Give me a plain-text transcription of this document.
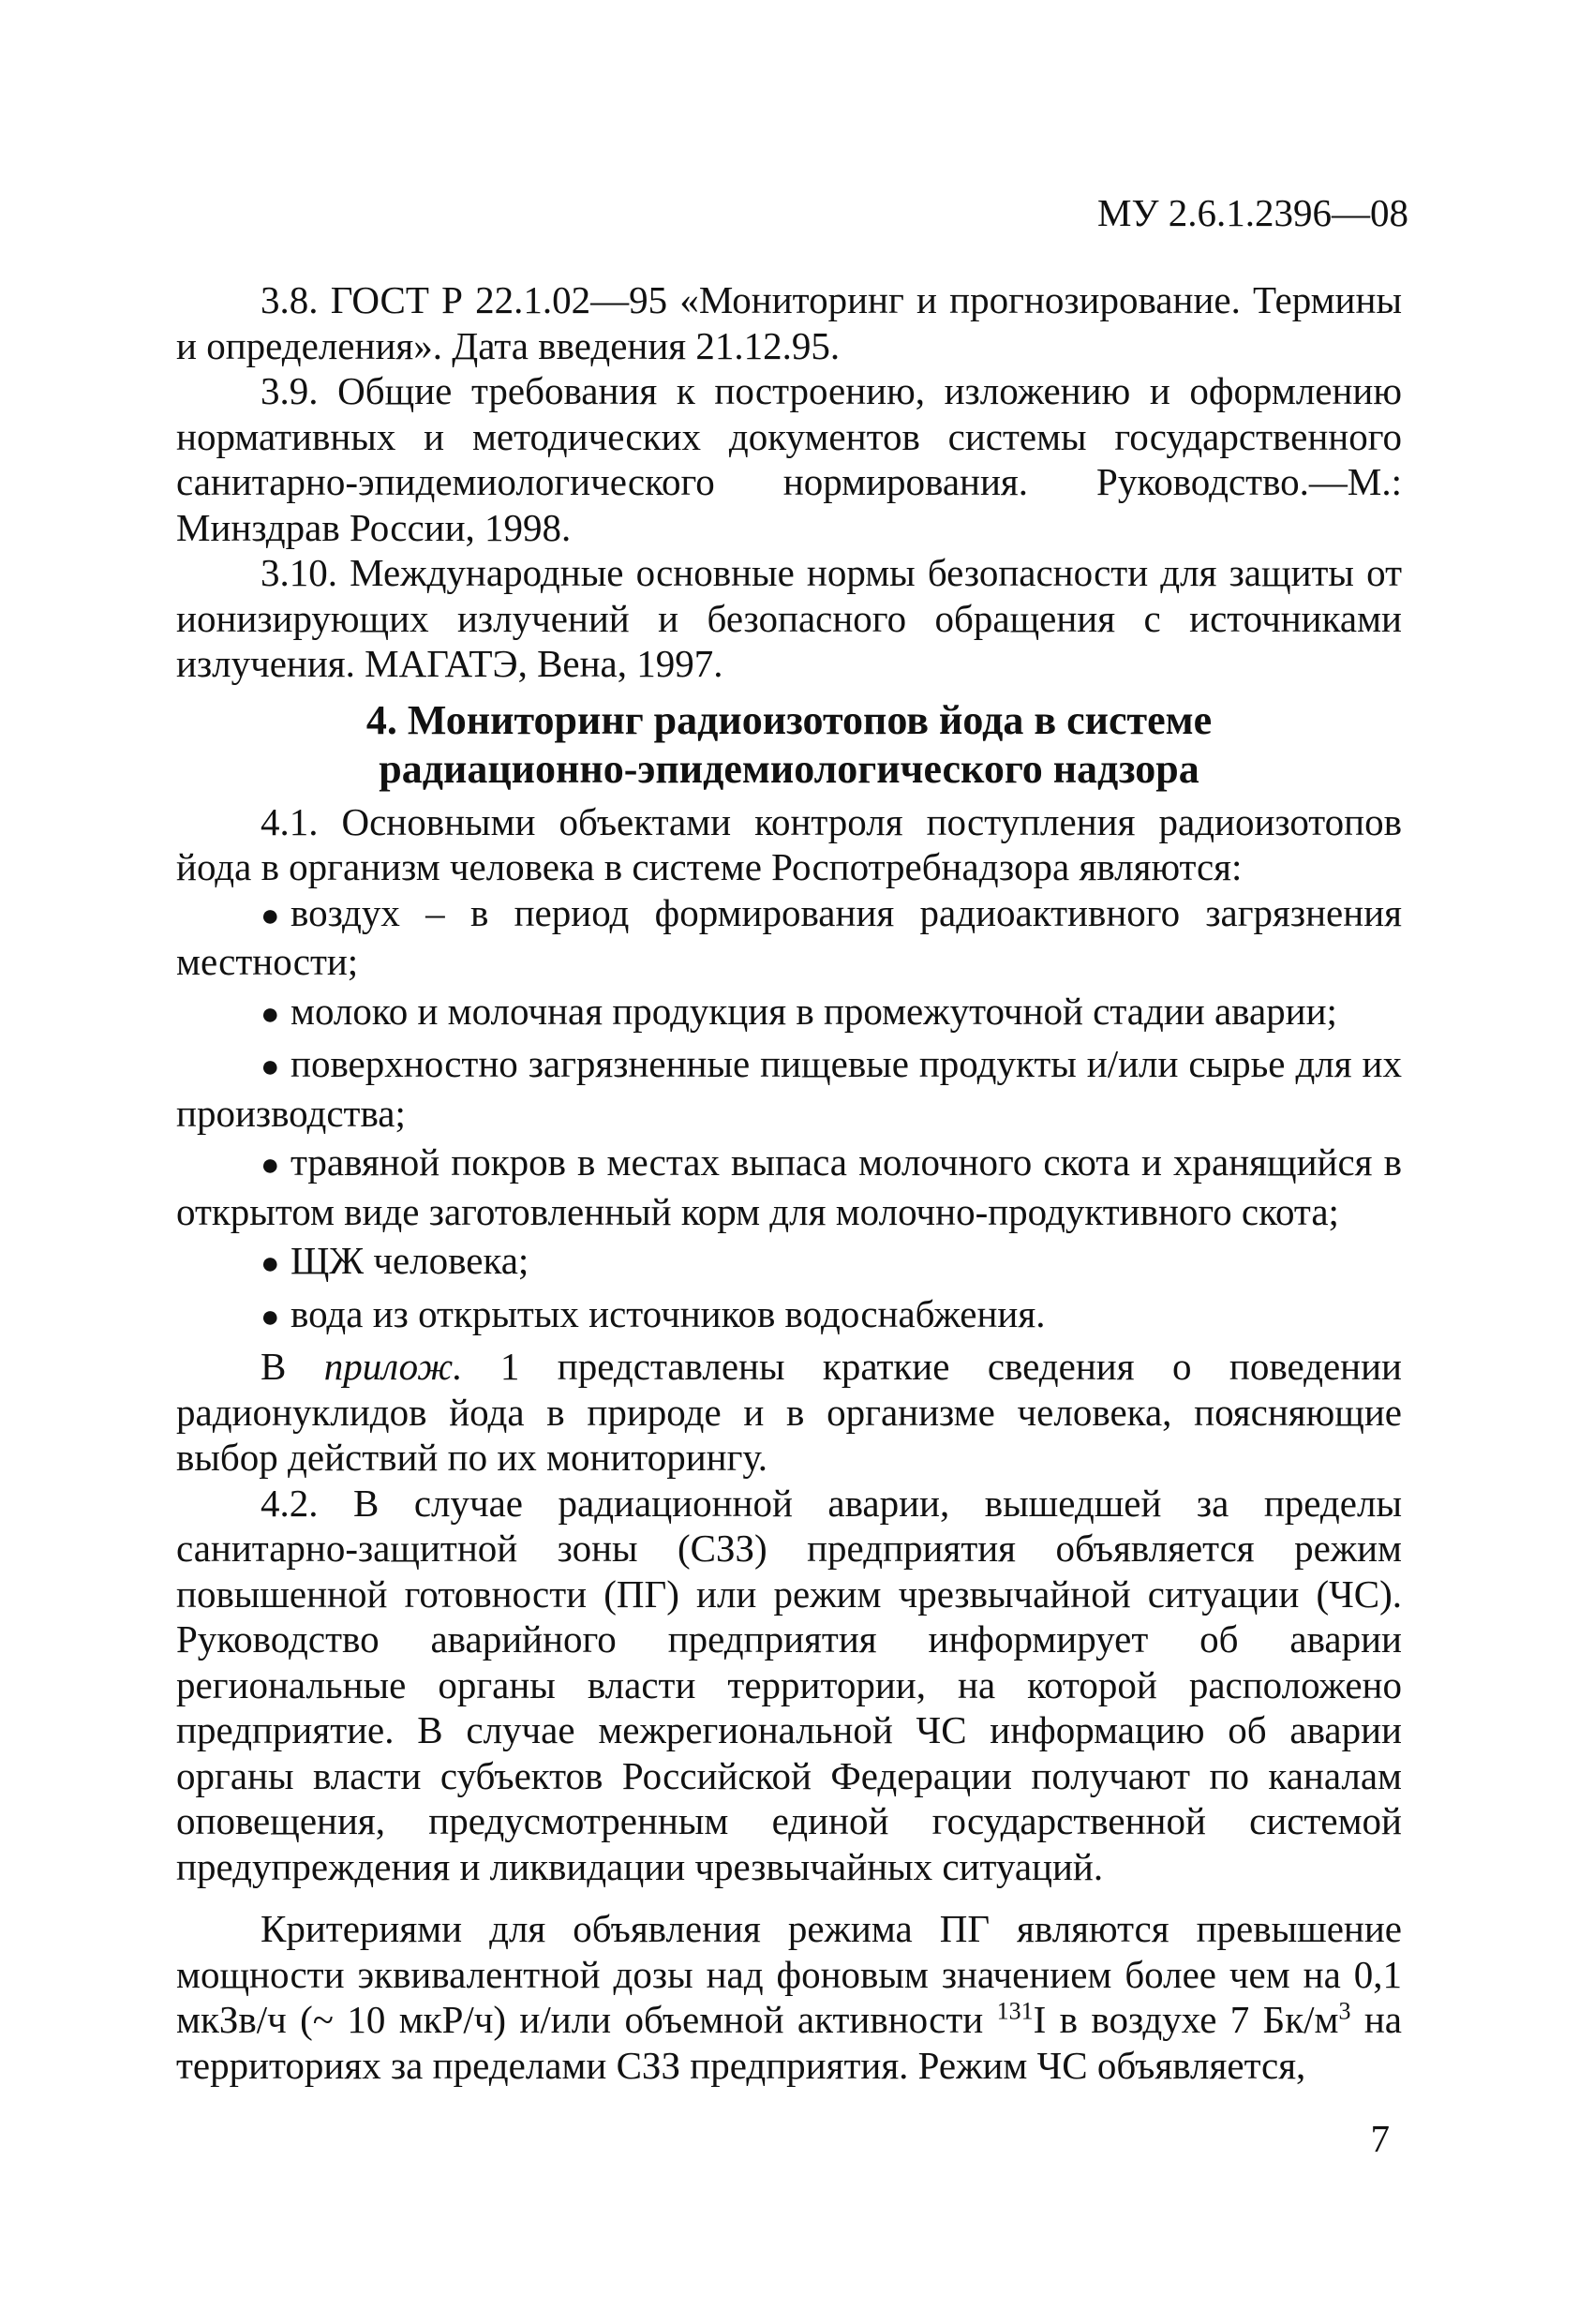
МУ 2.6.1.2396—08

3.8. ГОСТ Р 22.1.02—95 «Мониторинг и прогнозирование. Термины и определения». Дата введения 21.12.95.

3.9. Общие требования к построению, изложению и оформлению нормативных и методических документов системы государственного санитарно-эпидемиологического нормирования. Руководство.—М.: Минздрав России, 1998.

3.10. Международные основные нормы безопасности для защиты от ионизирующих излучений и безопасного обращения с источниками излучения. МАГАТЭ, Вена, 1997.

4. Мониторинг радиоизотопов йода в системе
радиационно-эпидемиологического надзора

4.1. Основными объектами контроля поступления радиоизотопов йода в организм человека в системе Роспотребнадзора являются:

● воздух – в период формирования радиоактивного загрязнения местности;
● молоко и молочная продукция в промежуточной стадии аварии;
● поверхностно загрязненные пищевые продукты и/или сырье для их производства;
● травяной покров в местах выпаса молочного скота и хранящийся в открытом виде заготовленный корм для молочно-продуктивного скота;
● ЩЖ человека;
● вода из открытых источников водоснабжения.

В прилож. 1 представлены краткие сведения о поведении радионуклидов йода в природе и в организме человека, поясняющие выбор действий по их мониторингу.

4.2. В случае радиационной аварии, вышедшей за пределы санитарно-защитной зоны (СЗЗ) предприятия объявляется режим повышенной готовности (ПГ) или режим чрезвычайной ситуации (ЧС). Руководство аварийного предприятия информирует об аварии региональные органы власти территории, на которой расположено предприятие. В случае межрегиональной ЧС информацию об аварии органы власти субъектов Российской Федерации получают по каналам оповещения, предусмотренным единой государственной системой предупреждения и ликвидации чрезвычайных ситуаций.

Критериями для объявления режима ПГ являются превышение мощности эквивалентной дозы над фоновым значением более чем на 0,1 мкЗв/ч (~ 10 мкР/ч) и/или объемной активности $^{131}$I в воздухе 7 $Бк/м^3$ на территориях за пределами СЗЗ предприятия. Режим ЧС объявляется,

7
